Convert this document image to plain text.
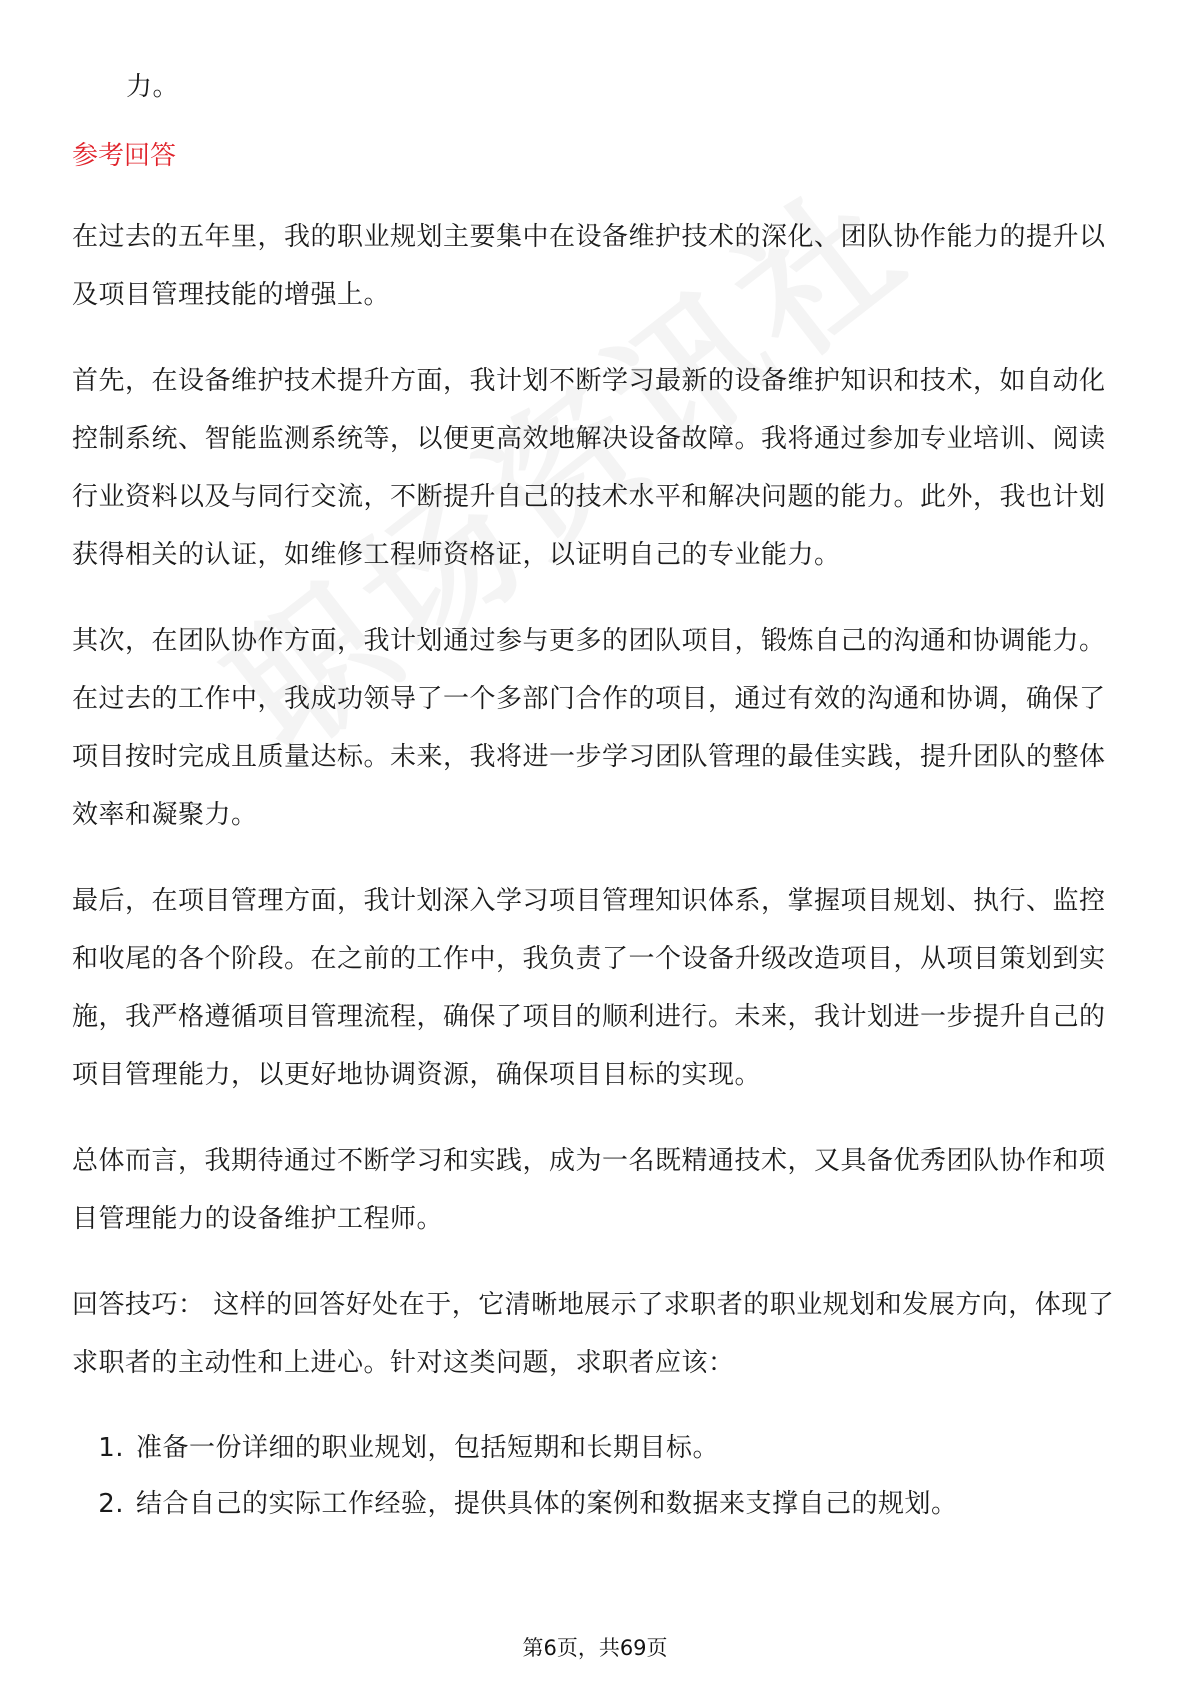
力。

参考回答

在过去的五年里，我的职业规划主要集中在设备维护技术的深化、团队协作能力的提升以及项目管理技能的增强上。

首先，在设备维护技术提升方面，我计划不断学习最新的设备维护知识和技术，如自动化控制系统、智能监测系统等，以便更高效地解决设备故障。我将通过参加专业培训、阅读行业资料以及与同行交流，不断提升自己的技术水平和解决问题的能力。此外，我也计划获得相关的认证，如维修工程师资格证，以证明自己的专业能力。

其次，在团队协作方面，我计划通过参与更多的团队项目，锻炼自己的沟通和协调能力。在过去的工作中，我成功领导了一个多部门合作的项目，通过有效的沟通和协调，确保了项目按时完成且质量达标。未来，我将进一步学习团队管理的最佳实践，提升团队的整体效率和凝聚力。

最后，在项目管理方面，我计划深入学习项目管理知识体系，掌握项目规划、执行、监控和收尾的各个阶段。在之前的工作中，我负责了一个设备升级改造项目，从项目策划到实施，我严格遵循项目管理流程，确保了项目的顺利进行。未来，我计划进一步提升自己的项目管理能力，以更好地协调资源，确保项目目标的实现。

总体而言，我期待通过不断学习和实践，成为一名既精通技术，又具备优秀团队协作和项目管理能力的设备维护工程师。

回答技巧： 这样的回答好处在于，它清晰地展示了求职者的职业规划和发展方向，体现了求职者的主动性和上进心。针对这类问题，求职者应该：

1. 准备一份详细的职业规划，包括短期和长期目标。
2. 结合自己的实际工作经验，提供具体的案例和数据来支撑自己的规划。
第6页，共69页
